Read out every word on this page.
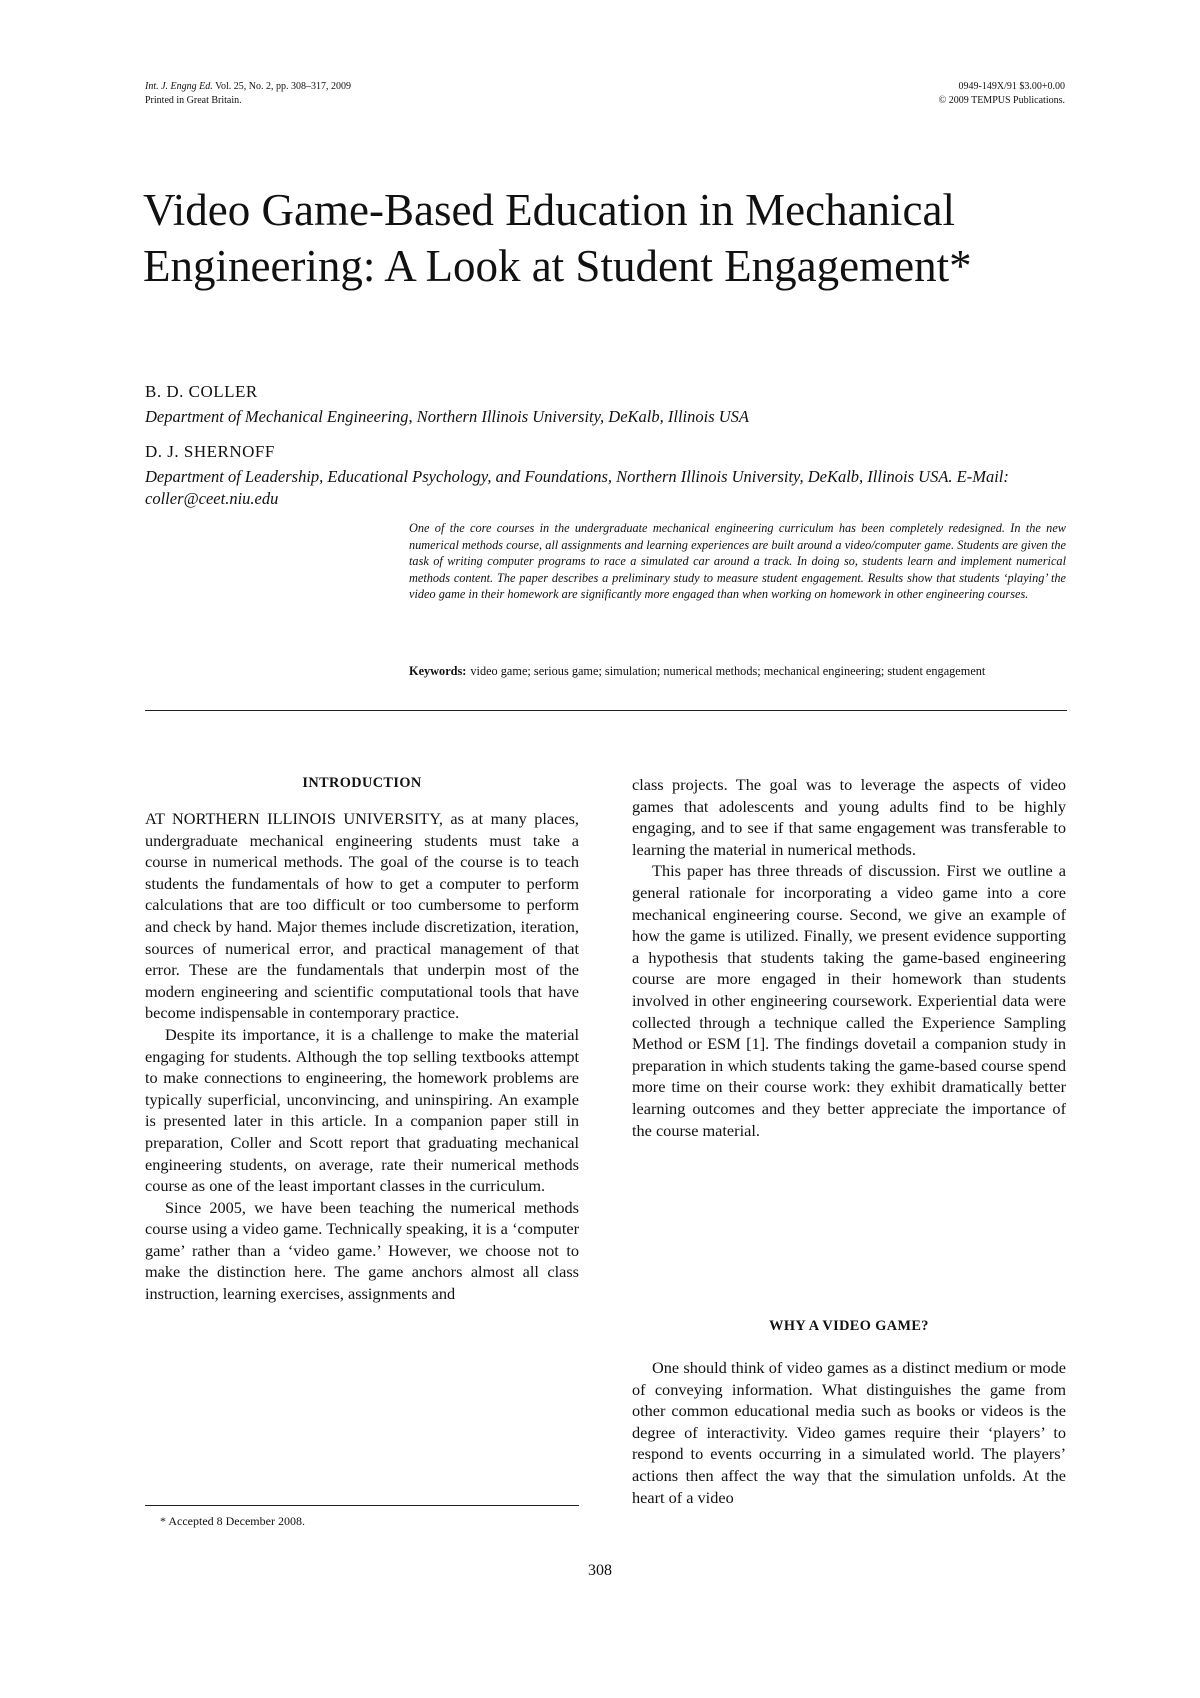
Int. J. Engng Ed. Vol. 25, No. 2, pp. 308–317, 2009
Printed in Great Britain.
0949-149X/91 $3.00+0.00
© 2009 TEMPUS Publications.
Video Game-Based Education in Mechanical Engineering: A Look at Student Engagement*
B. D. COLLER
Department of Mechanical Engineering, Northern Illinois University, DeKalb, Illinois USA
D. J. SHERNOFF
Department of Leadership, Educational Psychology, and Foundations, Northern Illinois University, DeKalb, Illinois USA. E-Mail: coller@ceet.niu.edu

One of the core courses in the undergraduate mechanical engineering curriculum has been completely redesigned. In the new numerical methods course, all assignments and learning experiences are built around a video/computer game. Students are given the task of writing computer programs to race a simulated car around a track. In doing so, students learn and implement numerical methods content. The paper describes a preliminary study to measure student engagement. Results show that students ‘playing’ the video game in their homework are significantly more engaged than when working on homework in other engineering courses.

Keywords: video game; serious game; simulation; numerical methods; mechanical engineering; student engagement

INTRODUCTION

AT NORTHERN ILLINOIS UNIVERSITY, as at many places, undergraduate mechanical engineering students must take a course in numerical methods. The goal of the course is to teach students the fundamentals of how to get a computer to perform calculations that are too difficult or too cumbersome to perform and check by hand. Major themes include discretization, iteration, sources of numerical error, and practical management of that error. These are the fundamentals that underpin most of the modern engineering and scientific computational tools that have become indispensable in contemporary practice.

Despite its importance, it is a challenge to make the material engaging for students. Although the top selling textbooks attempt to make connections to engineering, the homework problems are typically superficial, unconvincing, and uninspiring. An example is presented later in this article. In a companion paper still in preparation, Coller and Scott report that graduating mechanical engineering students, on average, rate their numerical methods course as one of the least important classes in the curriculum.

Since 2005, we have been teaching the numerical methods course using a video game. Technically speaking, it is a ‘computer game’ rather than a ‘video game.’ However, we choose not to make the distinction here. The game anchors almost all class instruction, learning exercises, assignments and

class projects. The goal was to leverage the aspects of video games that adolescents and young adults find to be highly engaging, and to see if that same engagement was transferable to learning the material in numerical methods.

This paper has three threads of discussion. First we outline a general rationale for incorporating a video game into a core mechanical engineering course. Second, we give an example of how the game is utilized. Finally, we present evidence supporting a hypothesis that students taking the game-based engineering course are more engaged in their homework than students involved in other engineering coursework. Experiential data were collected through a technique called the Experience Sampling Method or ESM [1]. The findings dovetail a companion study in preparation in which students taking the game-based course spend more time on their course work: they exhibit dramatically better learning outcomes and they better appreciate the importance of the course material.

WHY A VIDEO GAME?

One should think of video games as a distinct medium or mode of conveying information. What distinguishes the game from other common educational media such as books or videos is the degree of interactivity. Video games require their ‘players’ to respond to events occurring in a simulated world. The players’ actions then affect the way that the simulation unfolds. At the heart of a video

* Accepted 8 December 2008.
308
